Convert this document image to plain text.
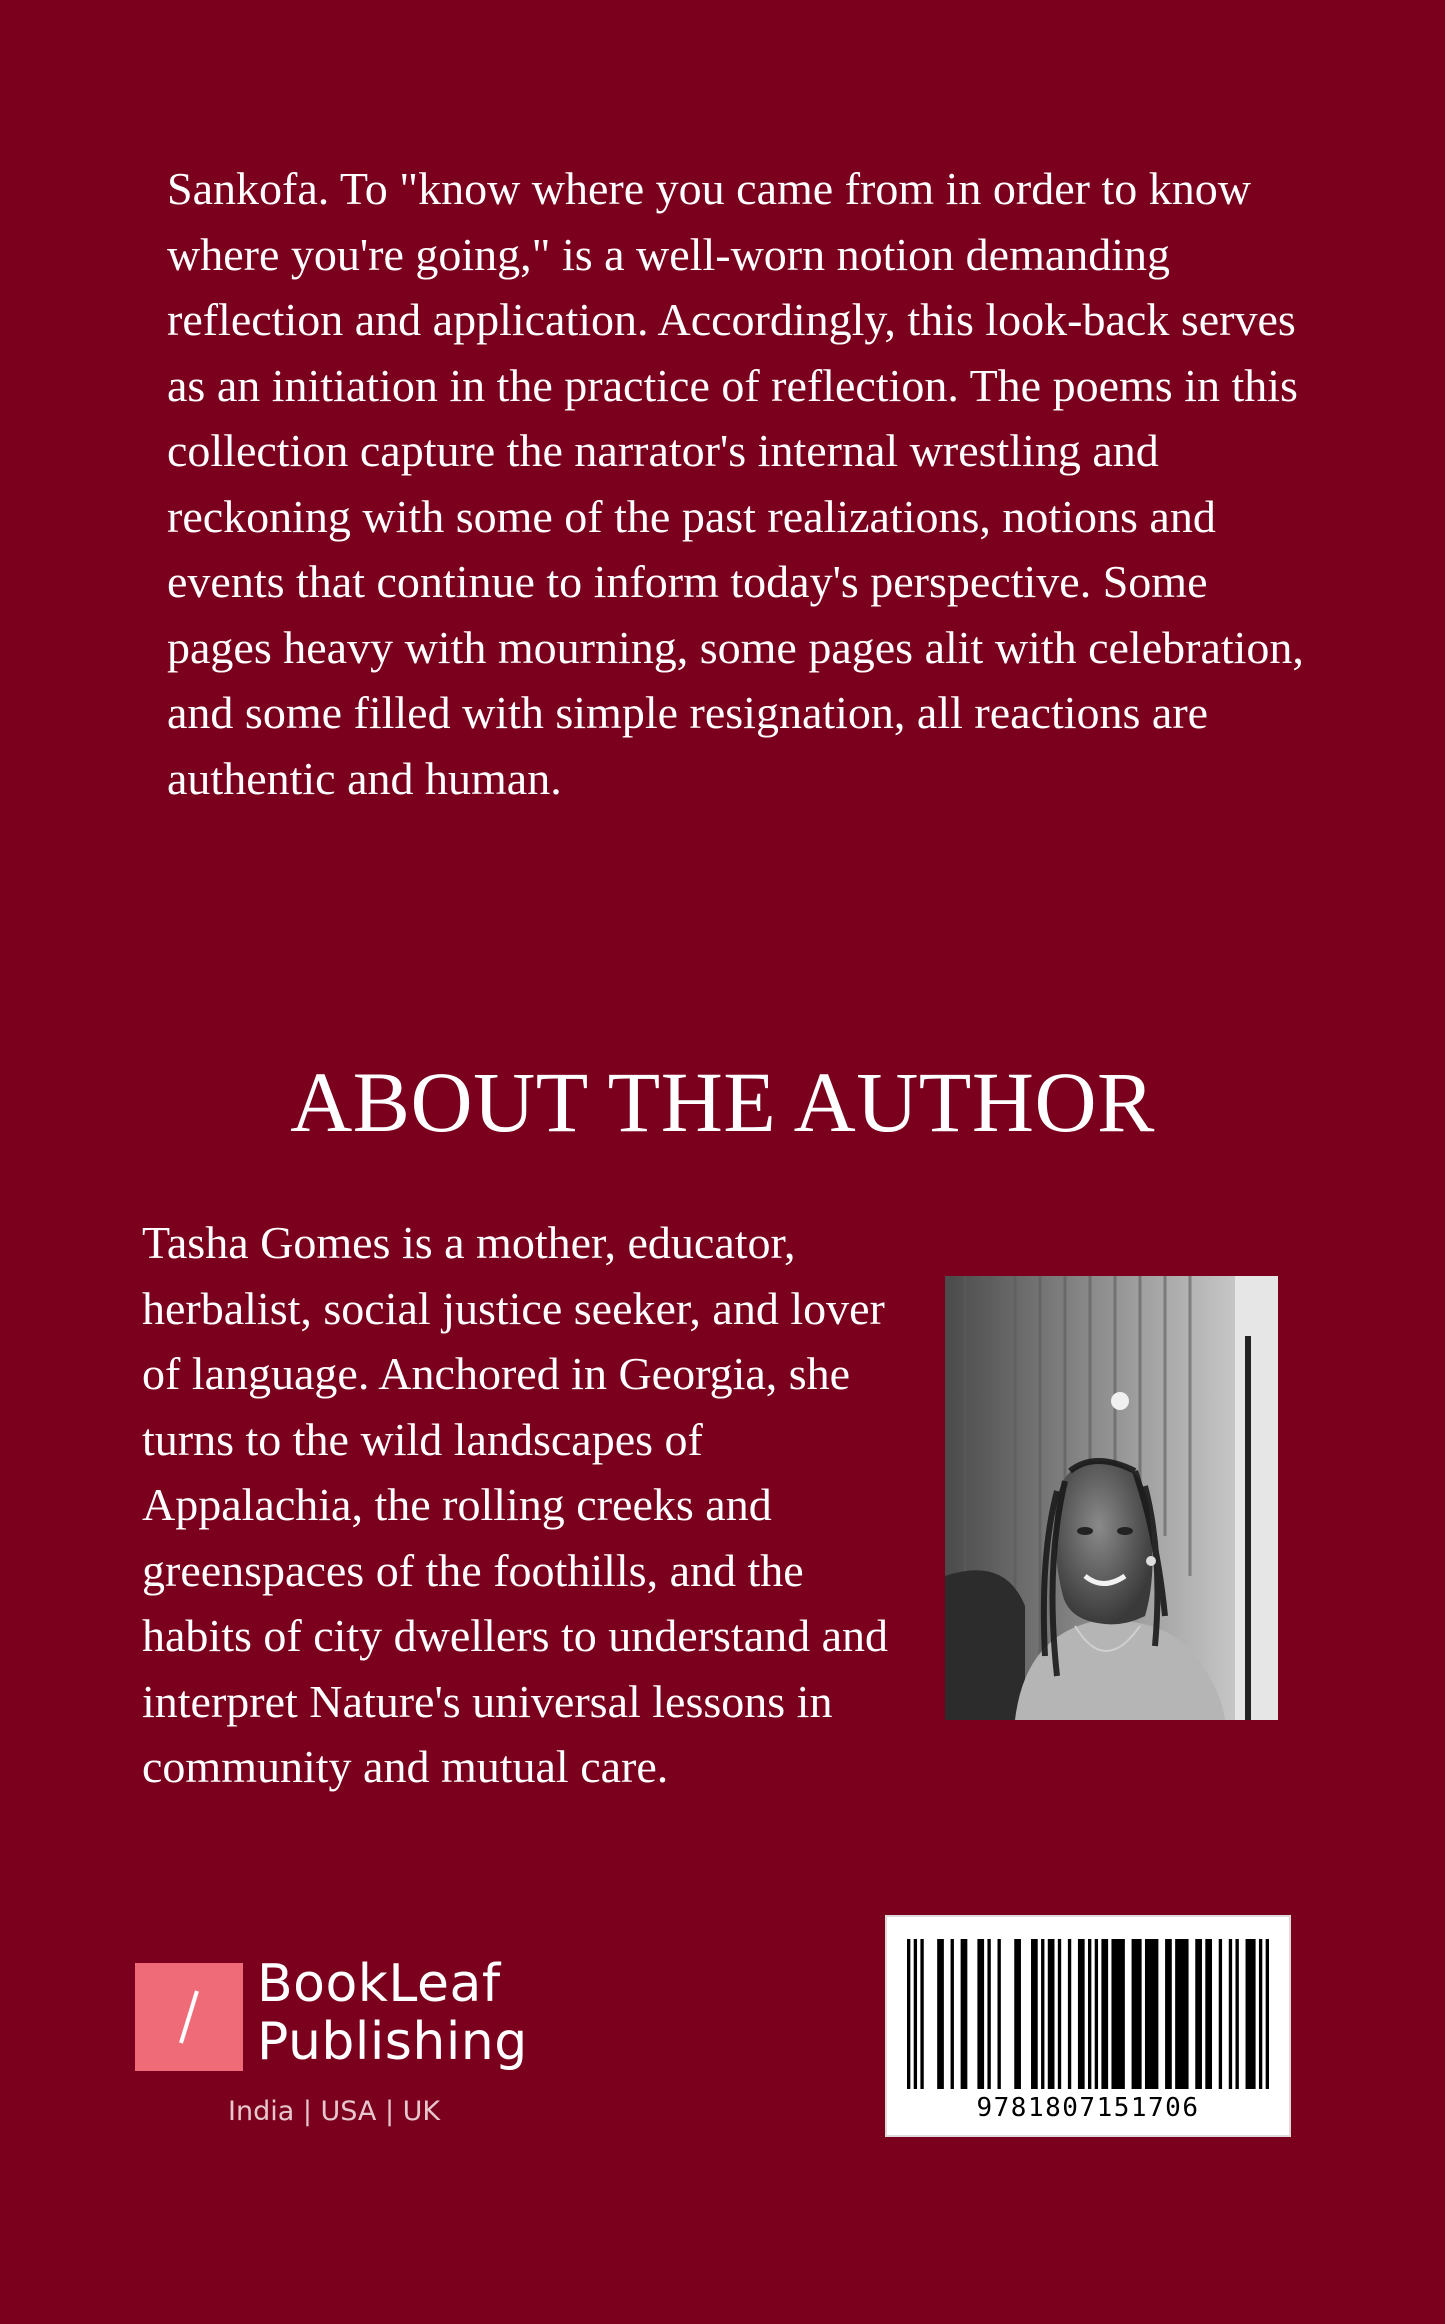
Sankofa. To "know where you came from in order to know where you're going," is a well-worn notion demanding reflection and application. Accordingly, this look-back serves as an initiation in the practice of reflection. The poems in this collection capture the narrator's internal wrestling and reckoning with some of the past realizations, notions and events that continue to inform today's perspective. Some pages heavy with mourning, some pages alit with celebration, and some filled with simple resignation, all reactions are authentic and human.

ABOUT THE AUTHOR

Tasha Gomes is a mother, educator, herbalist, social justice seeker, and lover of language. Anchored in Georgia, she turns to the wild landscapes of Appalachia, the rolling creeks and greenspaces of the foothills, and the habits of city dwellers to understand and interpret Nature's universal lessons in community and mutual care.

BookLeaf
Publishing
India | USA | UK	9781807151706
